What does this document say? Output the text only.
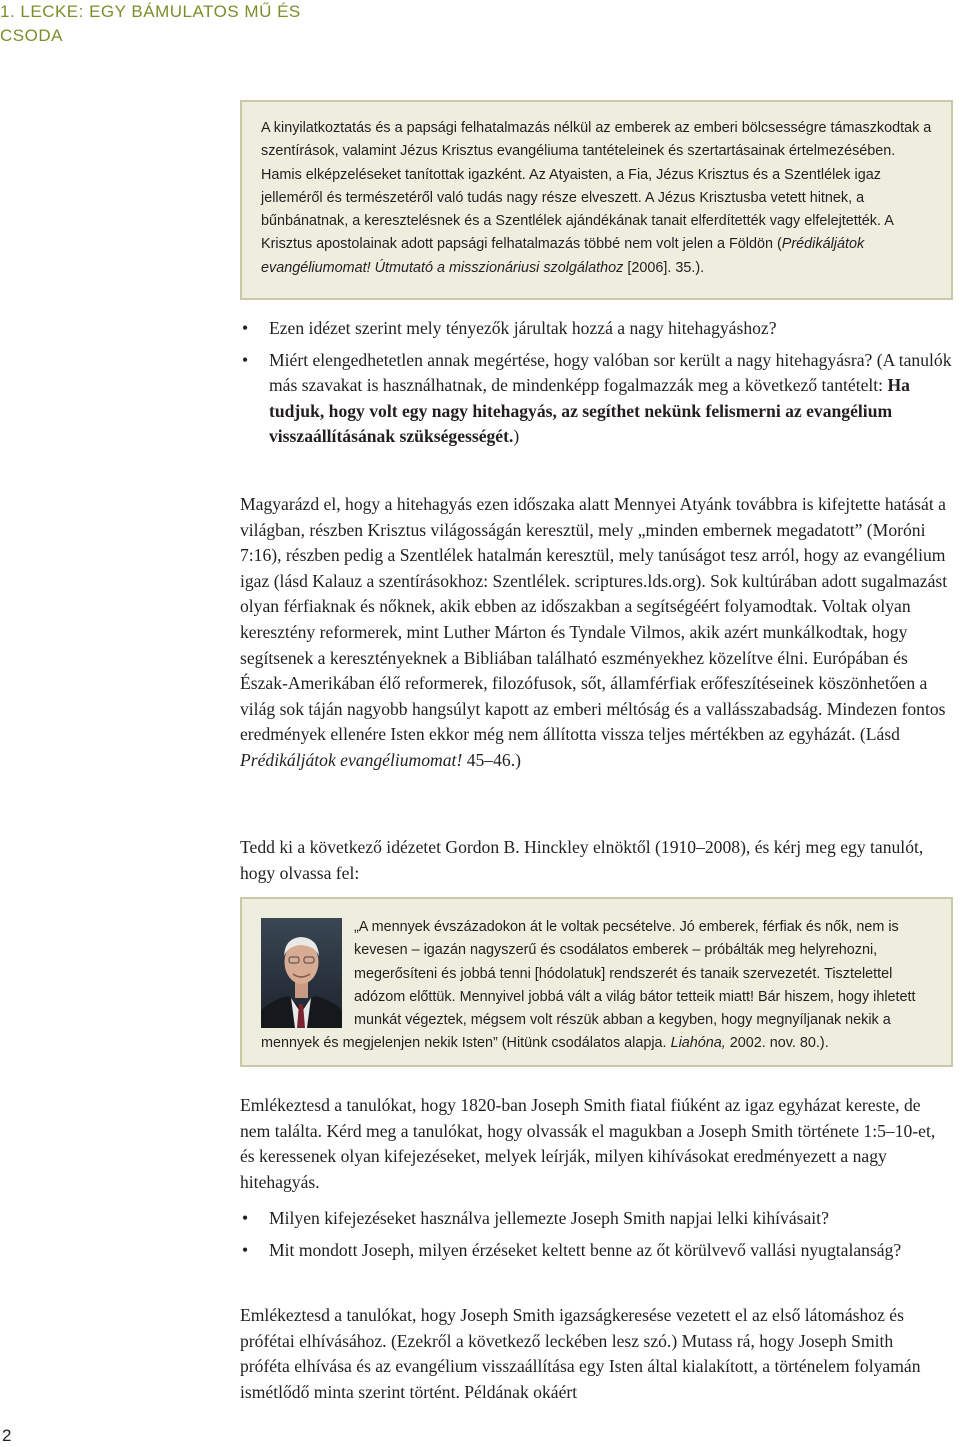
1. LECKE: EGY BÁMULATOS MŰ ÉS CSODA

A kinyilatkoztatás és a papsági felhatalmazás nélkül az emberek az emberi bölcsességre támaszkodtak a szentírások, valamint Jézus Krisztus evangéliuma tantételeinek és szertartásainak értelmezésében. Hamis elképzeléseket tanítottak igazként. Az Atyaisten, a Fia, Jézus Krisztus és a Szentlélek igaz jelleméről és természetéről való tudás nagy része elveszett. A Jézus Krisztusba vetett hitnek, a bűnbánatnak, a keresztelésnek és a Szentlélek ajándékának tanait elferdítették vagy elfelejtették. A Krisztus apostolainak adott papsági felhatalmazás többé nem volt jelen a Földön (Prédikáljátok evangéliumomat! Útmutató a misszionáriusi szolgálathoz [2006]. 35.).

• Ezen idézet szerint mely tényezők járultak hozzá a nagy hitehagyáshoz?
• Miért elengedhetetlen annak megértése, hogy valóban sor került a nagy hitehagyásra? (A tanulók más szavakat is használhatnak, de mindenképp fogalmazzák meg a következő tantételt: Ha tudjuk, hogy volt egy nagy hitehagyás, az segíthet nekünk felismerni az evangélium visszaállításának szükségességét.)

Magyarázd el, hogy a hitehagyás ezen időszaka alatt Mennyei Atyánk továbbra is kifejtette hatását a világban, részben Krisztus világosságán keresztül, mely „minden embernek megadatott” (Moróni 7:16), részben pedig a Szentlélek hatalmán keresztül, mely tanúságot tesz arról, hogy az evangélium igaz (lásd Kalauz a szentírásokhoz: Szentlélek. scriptures.lds.org). Sok kultúrában adott sugalmazást olyan férfiaknak és nőknek, akik ebben az időszakban a segítségéért folyamodtak. Voltak olyan keresztény reformerek, mint Luther Márton és Tyndale Vilmos, akik azért munkálkodtak, hogy segítsenek a keresztényeknek a Bibliában található eszményekhez közelítve élni. Európában és Észak-Amerikában élő reformerek, filozófusok, sőt, államférfiak erőfeszítéseinek köszönhetően a világ sok táján nagyobb hangsúlyt kapott az emberi méltóság és a vallásszabadság. Mindezen fontos eredmények ellenére Isten ekkor még nem állította vissza teljes mértékben az egyházát. (Lásd Prédikáljátok evangéliumomat! 45–46.)

Tedd ki a következő idézetet Gordon B. Hinckley elnöktől (1910–2008), és kérj meg egy tanulót, hogy olvassa fel:

„A mennyek évszázadokon át le voltak pecsételve. Jó emberek, férfiak és nők, nem is kevesen – igazán nagyszerű és csodálatos emberek – próbálták meg helyrehozni, megerősíteni és jobbá tenni [hódolatuk] rendszerét és tanaik szervezetét. Tisztelettel adózom előttük. Mennyivel jobbá vált a világ bátor tetteik miatt! Bár hiszem, hogy ihletett munkát végeztek, mégsem volt részük abban a kegyben, hogy megnyíljanak nekik a mennyek és megjelenjen nekik Isten” (Hitünk csodálatos alapja. Liahóna, 2002. nov. 80.).

Emlékeztesd a tanulókat, hogy 1820-ban Joseph Smith fiatal fiúként az igaz egyházat kereste, de nem találta. Kérd meg a tanulókat, hogy olvassák el magukban a Joseph Smith története 1:5–10-et, és keressenek olyan kifejezéseket, melyek leírják, milyen kihívásokat eredményezett a nagy hitehagyás.

• Milyen kifejezéseket használva jellemezte Joseph Smith napjai lelki kihívásait?
• Mit mondott Joseph, milyen érzéseket keltett benne az őt körülvevő vallási nyugtalanság?

Emlékeztesd a tanulókat, hogy Joseph Smith igazságkeresése vezetett el az első látomáshoz és prófétai elhívásához. (Ezekről a következő leckében lesz szó.) Mutass rá, hogy Joseph Smith próféta elhívása és az evangélium visszaállítása egy Isten által kialakított, a történelem folyamán ismétlődő minta szerint történt. Példának okáért

2
